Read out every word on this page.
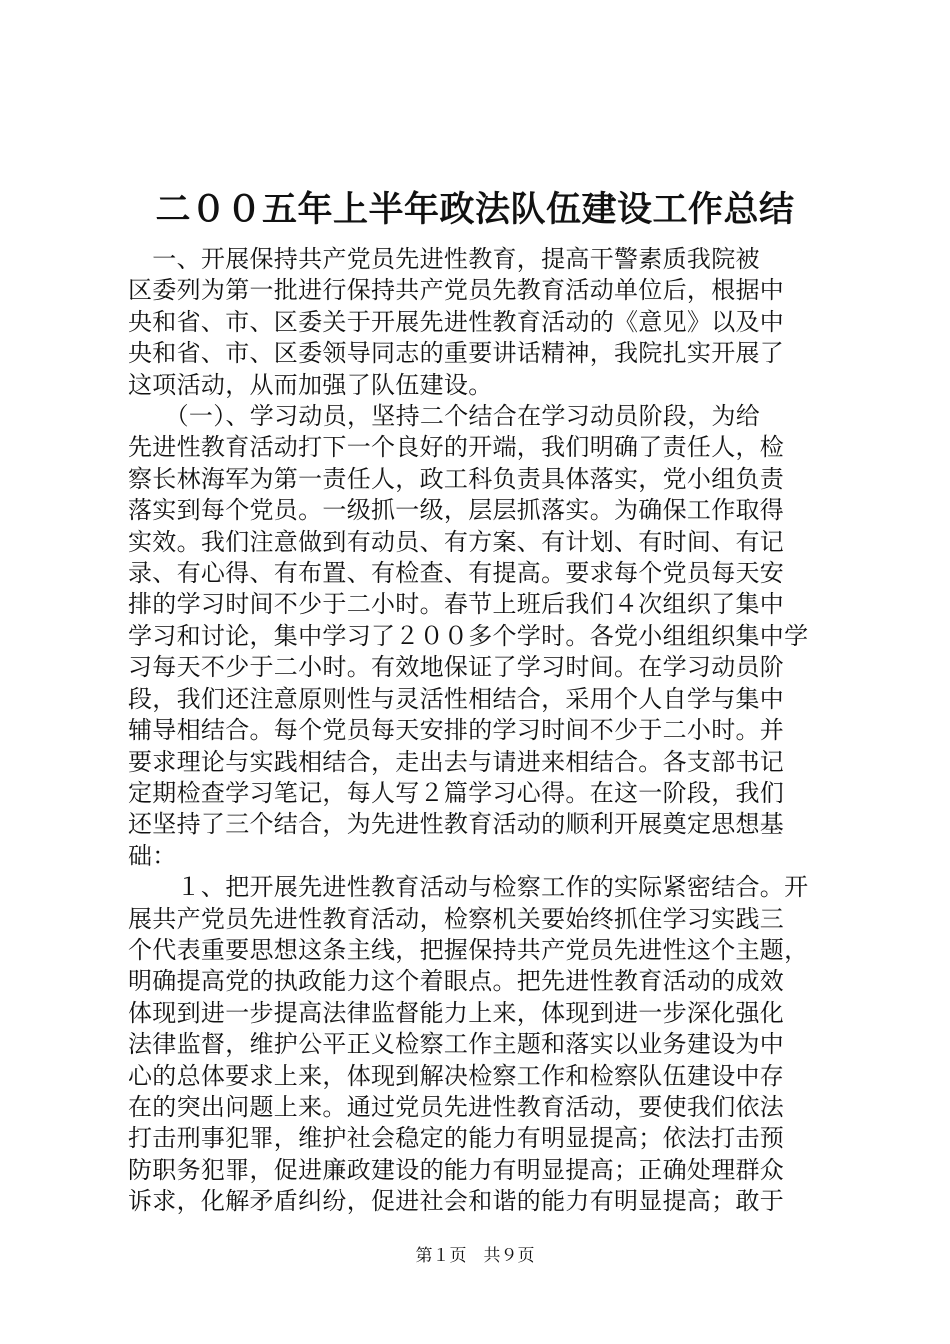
二００五年上半年政法队伍建设工作总结

　一、开展保持共产党员先进性教育，提高干警素质我院被

区委列为第一批进行保持共产党员先教育活动单位后，根据中

央和省、市、区委关于开展先进性教育活动的《意见》以及中

央和省、市、区委领导同志的重要讲话精神，我院扎实开展了

这项活动，从而加强了队伍建设。

　　（一）、学习动员，坚持二个结合在学习动员阶段，为给

先进性教育活动打下一个良好的开端，我们明确了责任人，检

察长林海军为第一责任人，政工科负责具体落实，党小组负责

落实到每个党员。一级抓一级，层层抓落实。为确保工作取得

实效。我们注意做到有动员、有方案、有计划、有时间、有记

录、有心得、有布置、有检查、有提高。要求每个党员每天安

排的学习时间不少于二小时。春节上班后我们４次组织了集中

学习和讨论，集中学习了２００多个学时。各党小组组织集中学

习每天不少于二小时。有效地保证了学习时间。在学习动员阶

段，我们还注意原则性与灵活性相结合，采用个人自学与集中

辅导相结合。每个党员每天安排的学习时间不少于二小时。并

要求理论与实践相结合，走出去与请进来相结合。各支部书记

定期检查学习笔记，每人写２篇学习心得。在这一阶段，我们

还坚持了三个结合，为先进性教育活动的顺利开展奠定思想基

础：

　　１、把开展先进性教育活动与检察工作的实际紧密结合。开

展共产党员先进性教育活动，检察机关要始终抓住学习实践三

个代表重要思想这条主线，把握保持共产党员先进性这个主题，

明确提高党的执政能力这个着眼点。把先进性教育活动的成效

体现到进一步提高法律监督能力上来，体现到进一步深化强化

法律监督，维护公平正义检察工作主题和落实以业务建设为中

心的总体要求上来，体现到解决检察工作和检察队伍建设中存

在的突出问题上来。通过党员先进性教育活动，要使我们依法

打击刑事犯罪，维护社会稳定的能力有明显提高；依法打击预

防职务犯罪，促进廉政建设的能力有明显提高；正确处理群众

诉求，化解矛盾纠纷，促进社会和谐的能力有明显提高；敢于

第１页　共９页
